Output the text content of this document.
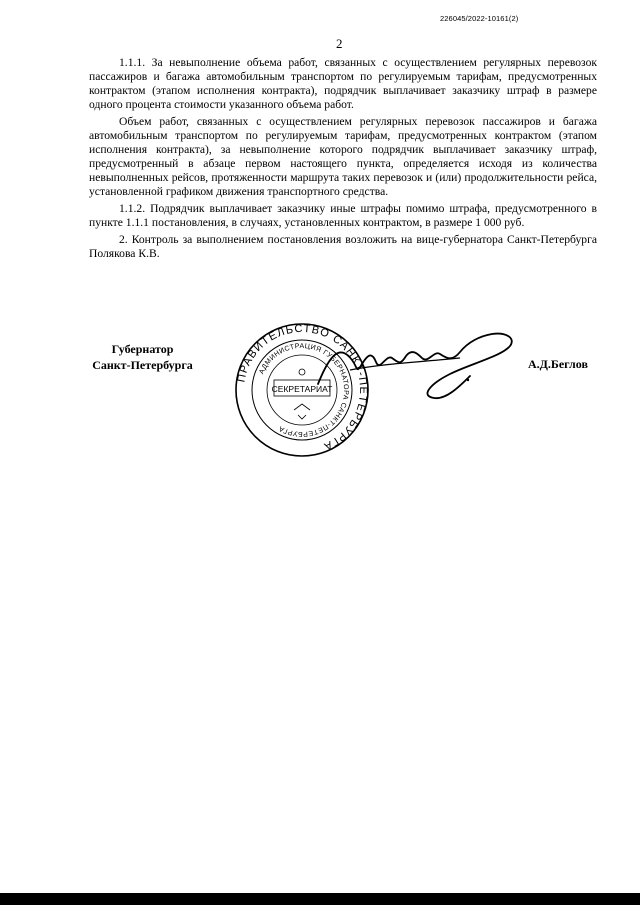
226045/2022-10161(2)
2

1.1.1. За невыполнение объема работ, связанных с осуществлением регулярных перевозок пассажиров и багажа автомобильным транспортом по регулируемым тарифам, предусмотренных контрактом (этапом исполнения контракта), подрядчик выплачивает заказчику штраф в размере одного процента стоимости указанного объема работ.

Объем работ, связанных с осуществлением регулярных перевозок пассажиров и багажа автомобильным транспортом по регулируемым тарифам, предусмотренных контрактом (этапом исполнения контракта), за невыполнение которого подрядчик выплачивает заказчику штраф, предусмотренный в абзаце первом настоящего пункта, определяется исходя из количества невыполненных рейсов, протяженности маршрута таких перевозок и (или) продолжительности рейса, установленной графиком движения транспортного средства.

1.1.2. Подрядчик выплачивает заказчику иные штрафы помимо штрафа, предусмотренного в пункте 1.1.1 постановления, в случаях, установленных контрактом, в размере 1 000 руб.

2. Контроль за выполнением постановления возложить на вице-губернатора Санкт-Петербурга Полякова К.В.

Губернатор
Санкт-Петербурга
ПРАВИТЕЛЬСТВО САНКТ-ПЕТЕРБУРГА
АДМИНИСТРАЦИЯ ГУБЕРНАТОРА САНКТ-ПЕТЕРБУРГА
СЕКРЕТАРИАТ
А.Д.Беглов
